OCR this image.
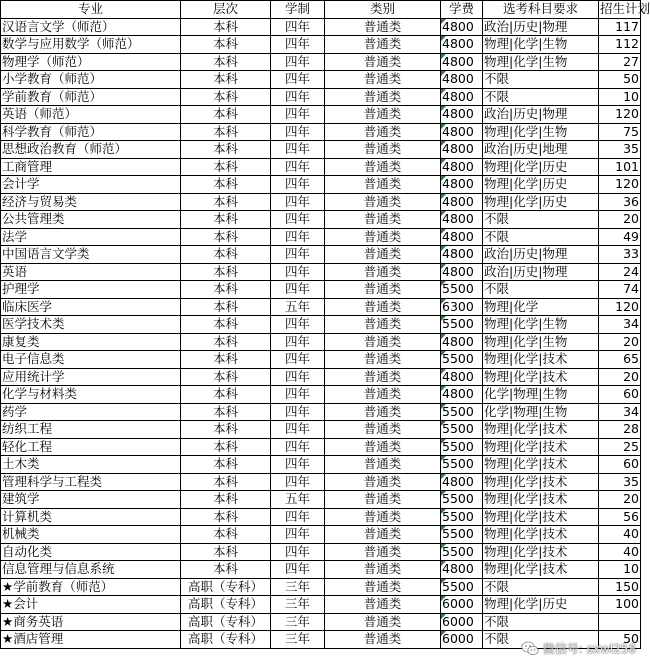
专业	层次	学制	类别	学费	选考科目要求	招生计划
汉语言文学（师范）	本科	四年	普通类	4800	政治|历史|物理	117
数学与应用数学（师范）	本科	四年	普通类	4800	物理|化学|生物	112
物理学（师范）	本科	四年	普通类	4800	物理|化学|生物	27
小学教育（师范）	本科	四年	普通类	4800	不限	50
学前教育（师范）	本科	四年	普通类	4800	不限	10
英语（师范）	本科	四年	普通类	4800	政治|历史|物理	120
科学教育（师范）	本科	四年	普通类	4800	物理|化学|生物	75
思想政治教育（师范）	本科	四年	普通类	4800	政治|历史|地理	35
工商管理	本科	四年	普通类	4800	物理|化学|历史	101
会计学	本科	四年	普通类	4800	物理|化学|历史	120
经济与贸易类	本科	四年	普通类	4800	物理|化学|历史	36
公共管理类	本科	四年	普通类	4800	不限	20
法学	本科	四年	普通类	4800	不限	49
中国语言文学类	本科	四年	普通类	4800	政治|历史|物理	33
英语	本科	四年	普通类	4800	政治|历史|物理	24
护理学	本科	四年	普通类	5500	不限	74
临床医学	本科	五年	普通类	6300	物理|化学	120
医学技术类	本科	四年	普通类	5500	物理|化学|生物	34
康复类	本科	四年	普通类	4800	物理|化学|生物	20
电子信息类	本科	四年	普通类	5500	物理|化学|技术	65
应用统计学	本科	四年	普通类	4800	物理|化学|技术	20
化学与材料类	本科	四年	普通类	4800	化学|物理|生物	60
药学	本科	四年	普通类	5500	化学|物理|生物	34
纺织工程	本科	四年	普通类	5500	物理|化学|技术	28
轻化工程	本科	四年	普通类	5500	物理|化学|技术	25
土木类	本科	四年	普通类	5500	物理|化学|技术	60
管理科学与工程类	本科	四年	普通类	4800	物理|化学|技术	35
建筑学	本科	五年	普通类	5500	物理|化学|技术	20
计算机类	本科	四年	普通类	5500	物理|化学|技术	56
机械类	本科	四年	普通类	5500	物理|化学|技术	40
自动化类	本科	四年	普通类	5500	物理|化学|技术	40
信息管理与信息系统	本科	四年	普通类	4800	物理|化学|技术	10
★学前教育（师范）	高职（专科）	三年	普通类	5500	不限	150
★会计	高职（专科）	三年	普通类	6000	物理|化学|历史	100
★商务英语	高职（专科）	三年	普通类	6000	不限	
★酒店管理	高职（专科）	三年	普通类	6000	不限	50
微信号: sxwl258
